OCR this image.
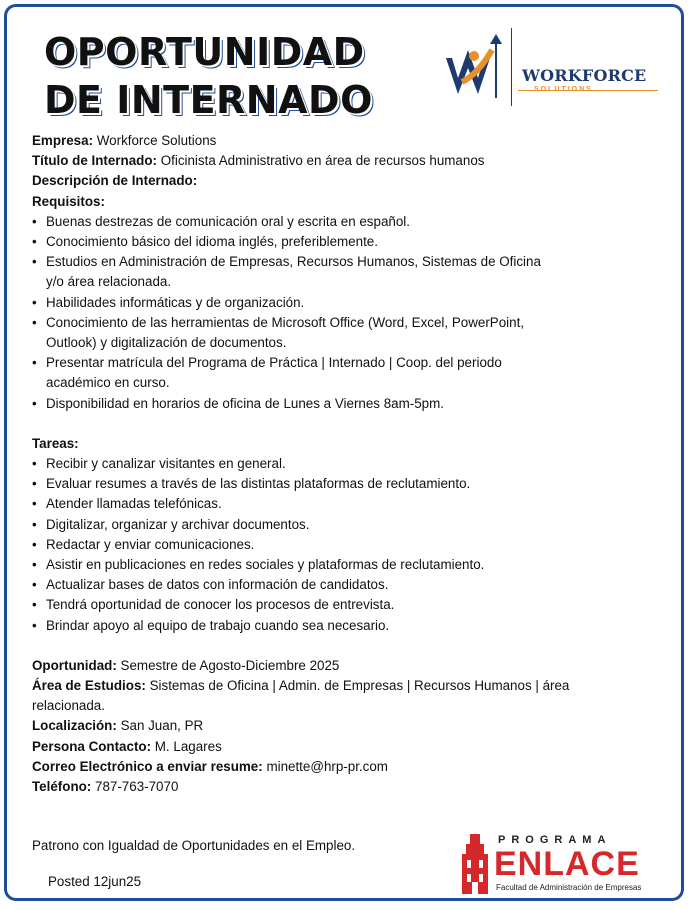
OPORTUNIDAD
DE INTERNADO
WORKFORCE
SOLUTIONS
Empresa: Workforce Solutions
Título de Internado: Oficinista Administrativo en área de recursos humanos
Descripción de Internado:
Requisitos:
• Buenas destrezas de comunicación oral y escrita en español.
• Conocimiento básico del idioma inglés, preferiblemente.
• Estudios en Administración de Empresas, Recursos Humanos, Sistemas de Oficina
y/o área relacionada.
• Habilidades informáticas y de organización.
• Conocimiento de las herramientas de Microsoft Office (Word, Excel, PowerPoint,
Outlook) y digitalización de documentos.
• Presentar matrícula del Programa de Práctica | Internado | Coop. del periodo
académico en curso.
• Disponibilidad en horarios de oficina de Lunes a Viernes 8am-5pm.
Tareas:
• Recibir y canalizar visitantes en general.
• Evaluar resumes a través de las distintas plataformas de reclutamiento.
• Atender llamadas telefónicas.
• Digitalizar, organizar y archivar documentos.
• Redactar y enviar comunicaciones.
• Asistir en publicaciones en redes sociales y plataformas de reclutamiento.
• Actualizar bases de datos con información de candidatos.
• Tendrá oportunidad de conocer los procesos de entrevista.
• Brindar apoyo al equipo de trabajo cuando sea necesario.
Oportunidad: Semestre de Agosto-Diciembre 2025
Área de Estudios: Sistemas de Oficina | Admin. de Empresas | Recursos Humanos | área
relacionada.
Localización: San Juan, PR
Persona Contacto: M. Lagares
Correo Electrónico a enviar resume: minette@hrp-pr.com
Teléfono: 787-763-7070
Patrono con Igualdad de Oportunidades en el Empleo.
Posted 12jun25
PROGRAMA
ENLACE
Facultad de Administración de Empresas
